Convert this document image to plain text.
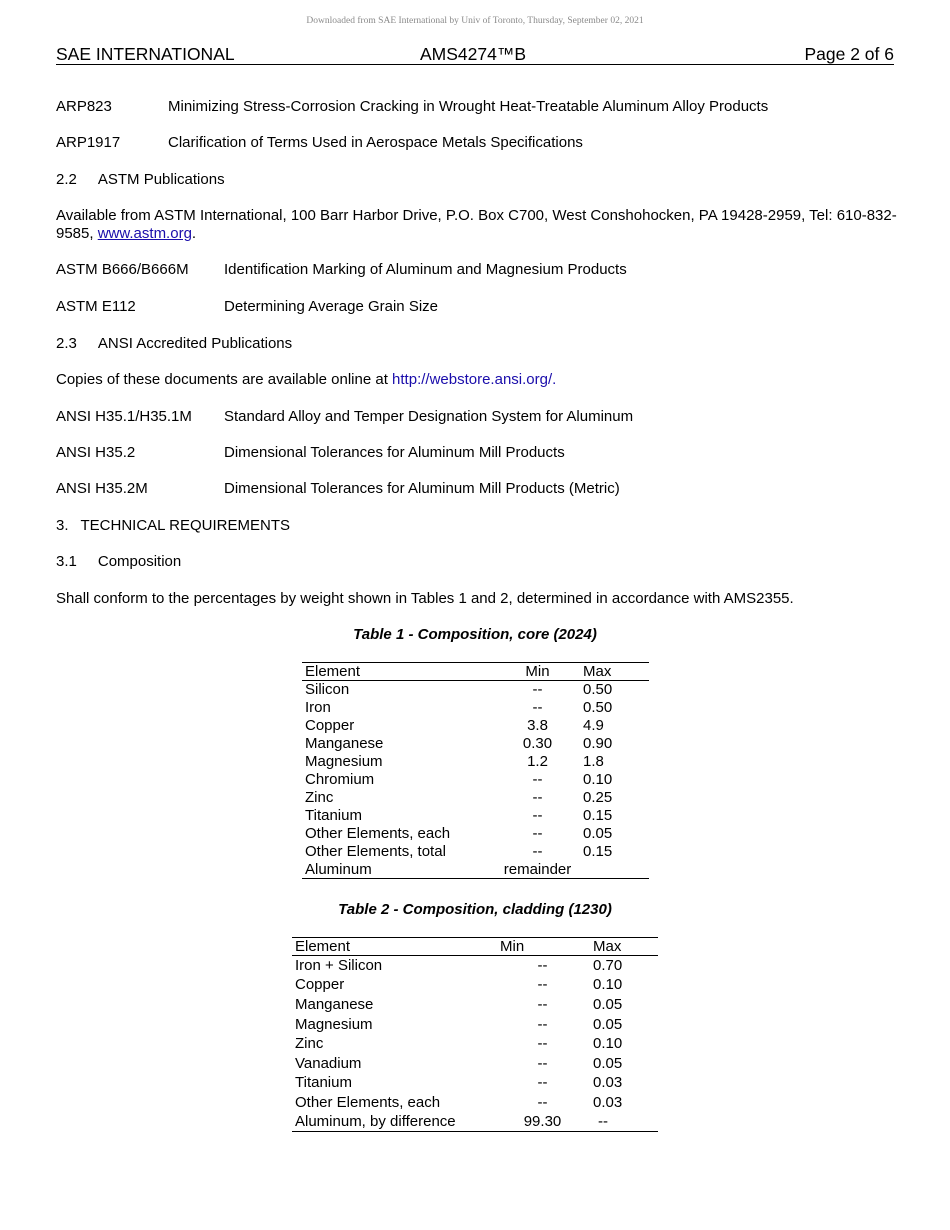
Downloaded from SAE International by Univ of Toronto, Thursday, September 02, 2021
SAE INTERNATIONAL	AMS4274™B	Page 2 of 6
ARP823	Minimizing Stress-Corrosion Cracking in Wrought Heat-Treatable Aluminum Alloy Products
ARP1917	Clarification of Terms Used in Aerospace Metals Specifications
2.2 ASTM Publications
Available from ASTM International, 100 Barr Harbor Drive, P.O. Box C700, West Conshohocken, PA 19428-2959, Tel: 610-832-9585, www.astm.org.
ASTM B666/B666M Identification Marking of Aluminum and Magnesium Products
ASTM E112	Determining Average Grain Size
2.3 ANSI Accredited Publications
Copies of these documents are available online at http://webstore.ansi.org/.
ANSI H35.1/H35.1M Standard Alloy and Temper Designation System for Aluminum
ANSI H35.2	Dimensional Tolerances for Aluminum Mill Products
ANSI H35.2M	Dimensional Tolerances for Aluminum Mill Products (Metric)
3. TECHNICAL REQUIREMENTS
3.1 Composition
Shall conform to the percentages by weight shown in Tables 1 and 2, determined in accordance with AMS2355.
Table 1 - Composition, core (2024)
Element	Min	Max
Silicon	--	0.50
Iron	--	0.50
Copper	3.8	4.9
Manganese	0.30	0.90
Magnesium	1.2	1.8
Chromium	--	0.10
Zinc	--	0.25
Titanium	--	0.15
Other Elements, each	--	0.05
Other Elements, total	--	0.15
Aluminum	remainder	
Table 2 - Composition, cladding (1230)
Element	Min	Max
Iron + Silicon	--	0.70
Copper	--	0.10
Manganese	--	0.05
Magnesium	--	0.05
Zinc	--	0.10
Vanadium	--	0.05
Titanium	--	0.03
Other Elements, each	--	0.03
Aluminum, by difference	99.30	--
